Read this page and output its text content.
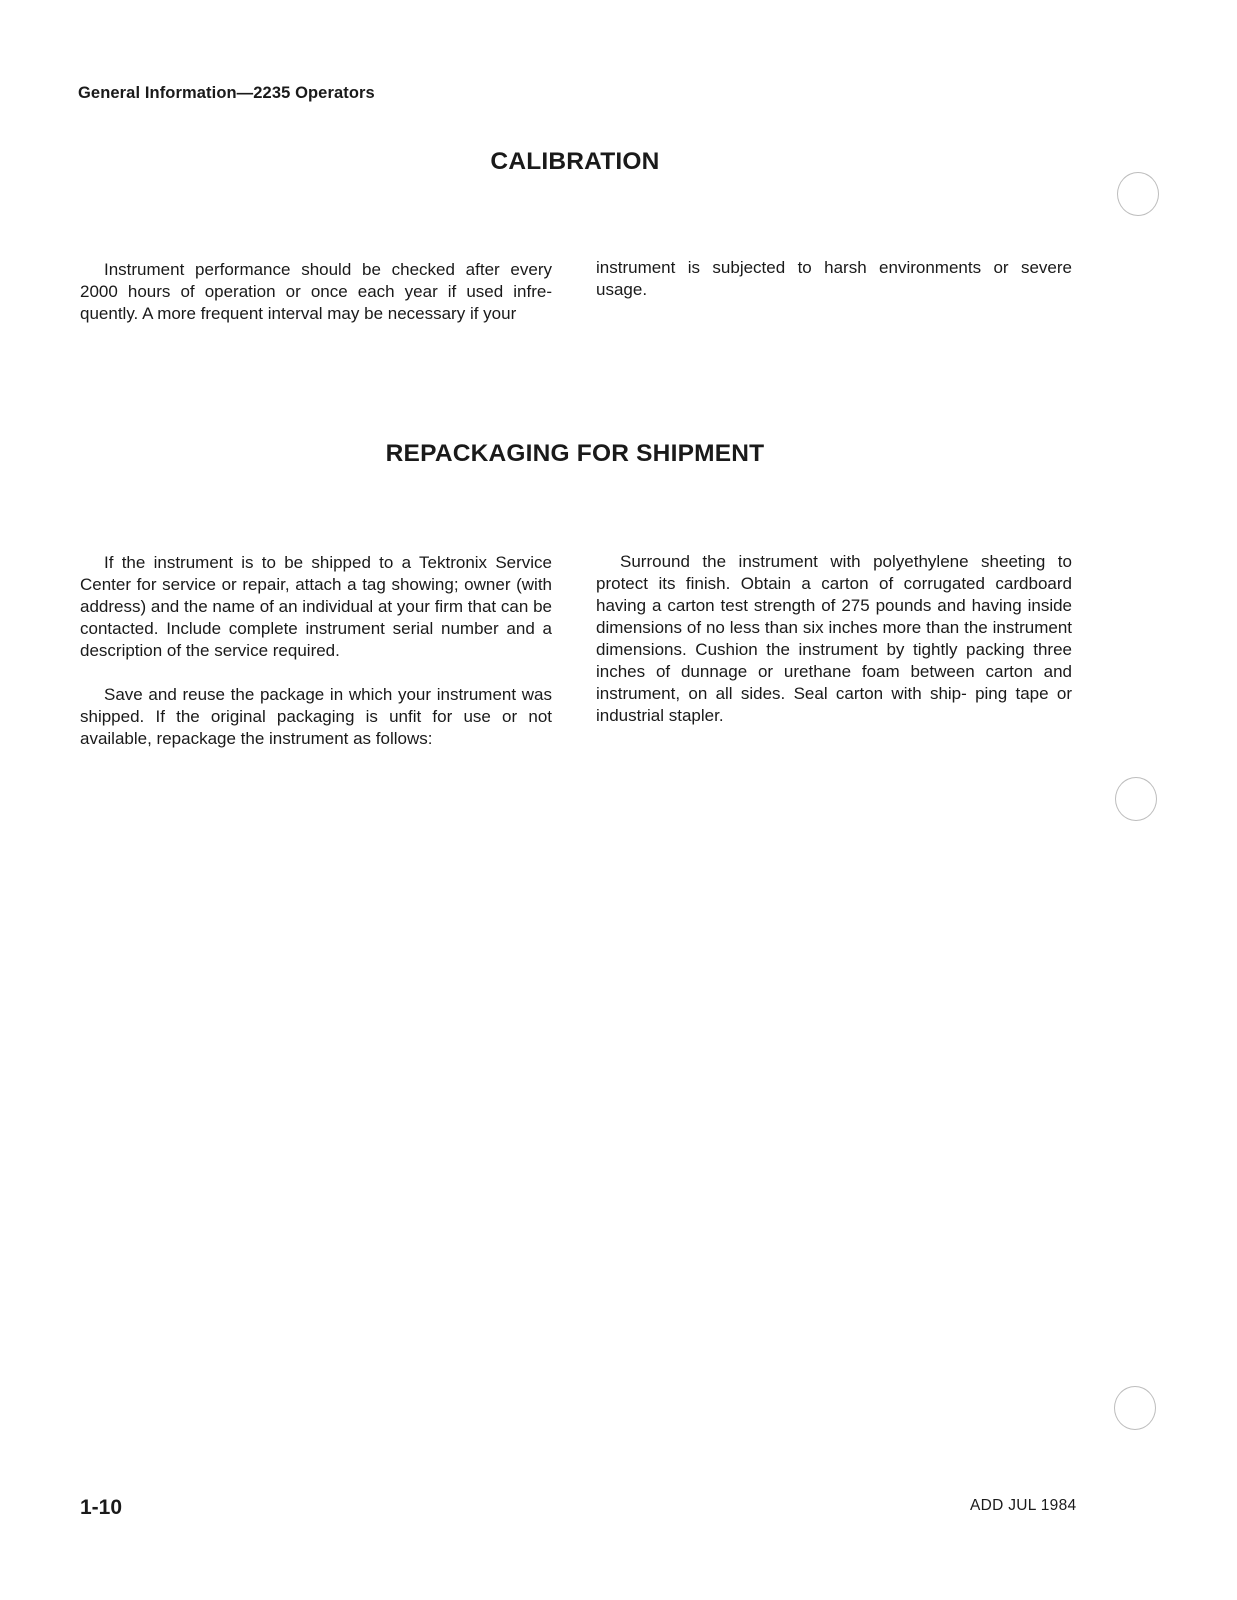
General Information—2235 Operators
CALIBRATION

Instrument performance should be checked after every 2000 hours of operation or once each year if used infre- quently. A more frequent interval may be necessary if your

instrument is subjected to harsh environments or severe usage.

REPACKAGING FOR SHIPMENT

If the instrument is to be shipped to a Tektronix Service Center for service or repair, attach a tag showing; owner (with address) and the name of an individual at your firm that can be contacted. Include complete instrument serial number and a description of the service required.

Save and reuse the package in which your instrument was shipped. If the original packaging is unfit for use or not available, repackage the instrument as follows:

Surround the instrument with polyethylene sheeting to protect its finish. Obtain a carton of corrugated cardboard having a carton test strength of 275 pounds and having inside dimensions of no less than six inches more than the instrument dimensions. Cushion the instrument by tightly packing three inches of dunnage or urethane foam between carton and instrument, on all sides. Seal carton with ship- ping tape or industrial stapler.

1-10	ADD JUL 1984
